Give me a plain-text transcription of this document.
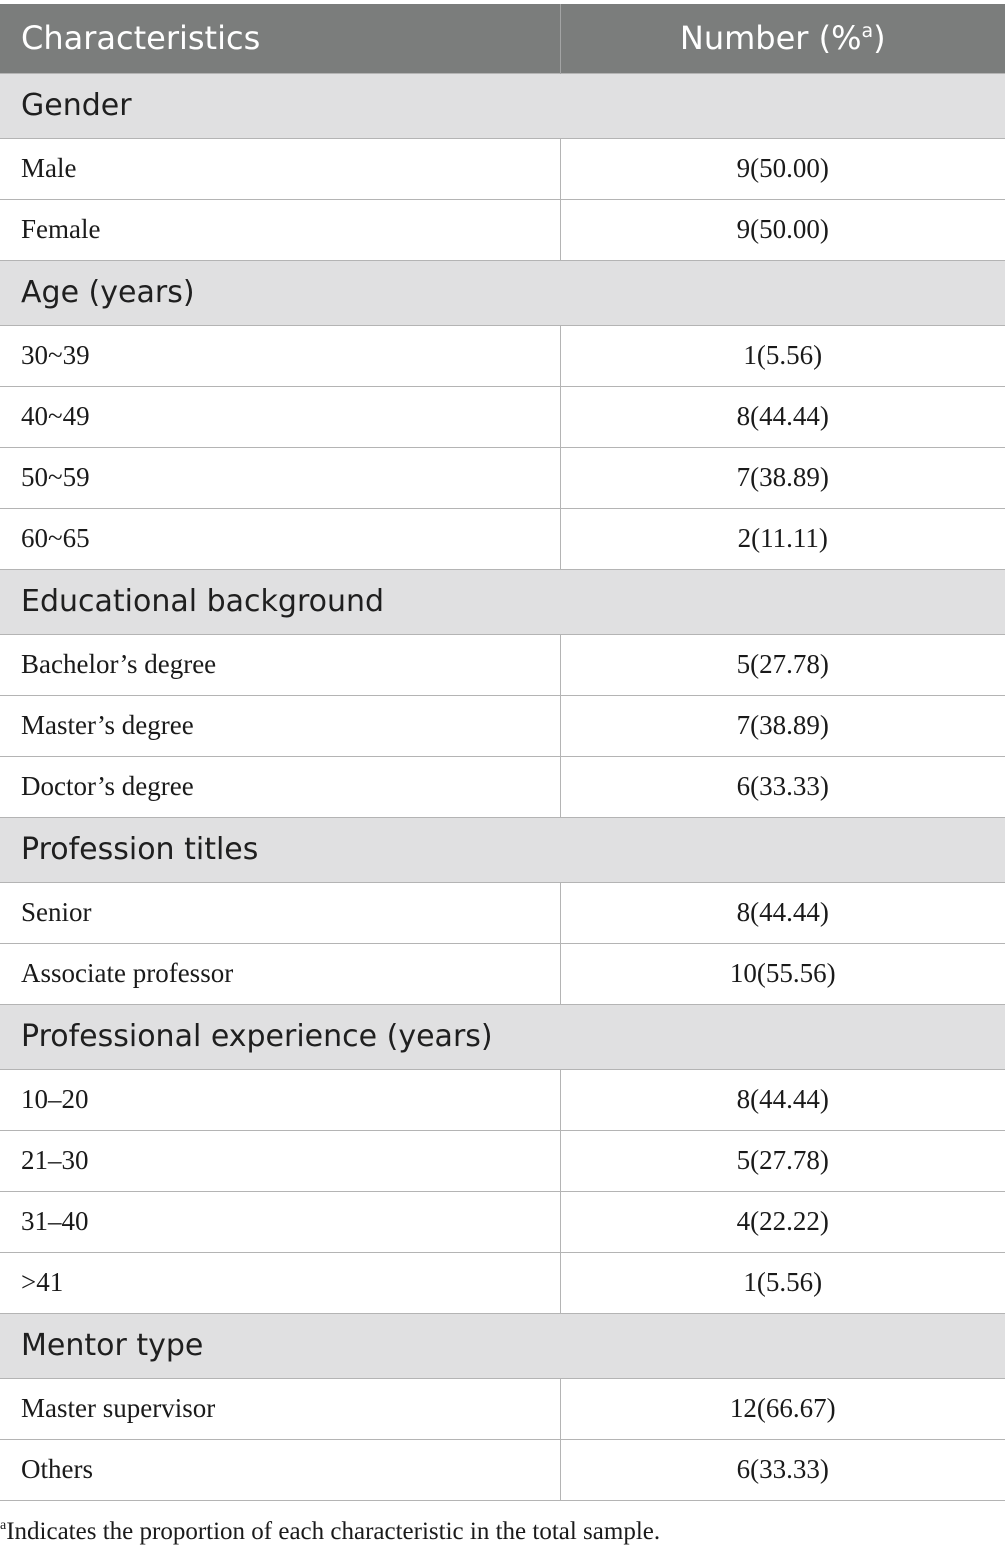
Characteristics	Number (%$^a$)
Gender	
Male	9(50.00)
Female	9(50.00)
Age (years)	
30~39	1(5.56)
40~49	8(44.44)
50~59	7(38.89)
60~65	2(11.11)
Educational background	
Bachelor’s degree	5(27.78)
Master’s degree	7(38.89)
Doctor’s degree	6(33.33)
Profession titles	
Senior	8(44.44)
Associate professor	10(55.56)
Professional experience (years)	
10–20	8(44.44)
21–30	5(27.78)
31–40	4(22.22)
>41	1(5.56)
Mentor type	
Master supervisor	12(66.67)
Others	6(33.33)
$^a$Indicates the proportion of each characteristic in the total sample.
